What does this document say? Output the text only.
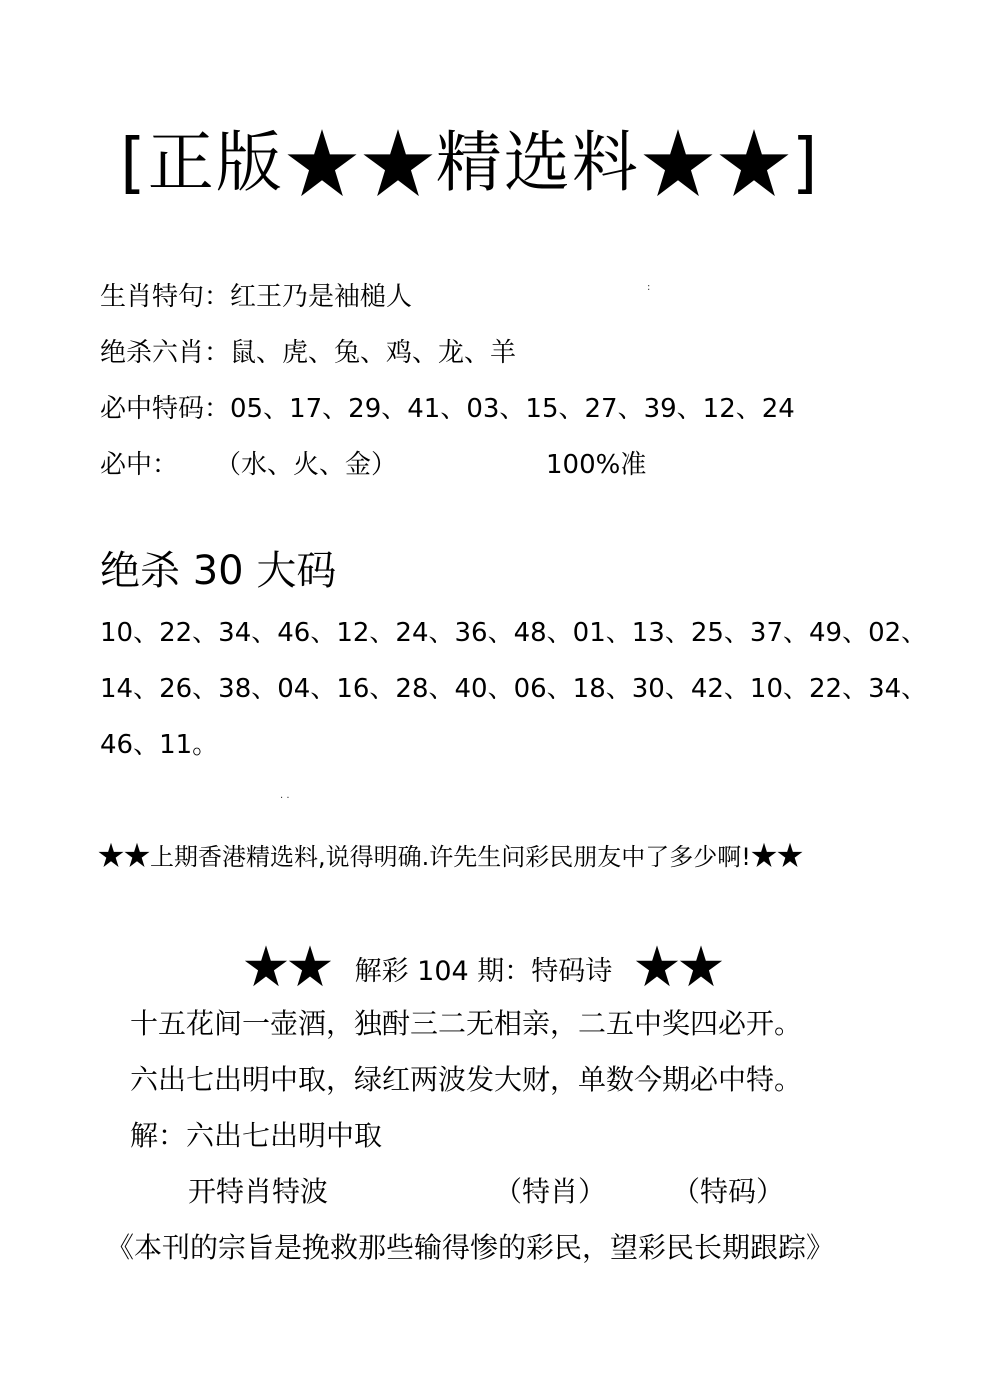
[正版 精选料 ]
:
生肖特句：红王乃是袖槌人
绝杀六肖：鼠、虎、兔、鸡、龙、羊
必中特码：05、17、29、41、03、15、27、39、12、24
必中： （水、火、金）	100%准
绝杀 30 大码
10、22、34、46、12、24、36、48、01、13、25、37、49、02、
14、26、38、04、16、28、40、06、18、30、42、10、22、34、
46、11。
. .
上期香港精选料,说得明确.许先生问彩民朋友中了多少啊!
解彩 104 期：特码诗
十五花间一壶酒，独酎三二无相亲，二五中奖四必开。
六出七出明中取，绿红两波发大财，单数今期必中特。
解：六出七出明中取
开特肖特波	（特肖） （特码）
《本刊的宗旨是挽救那些输得惨的彩民，望彩民长期跟踪》
